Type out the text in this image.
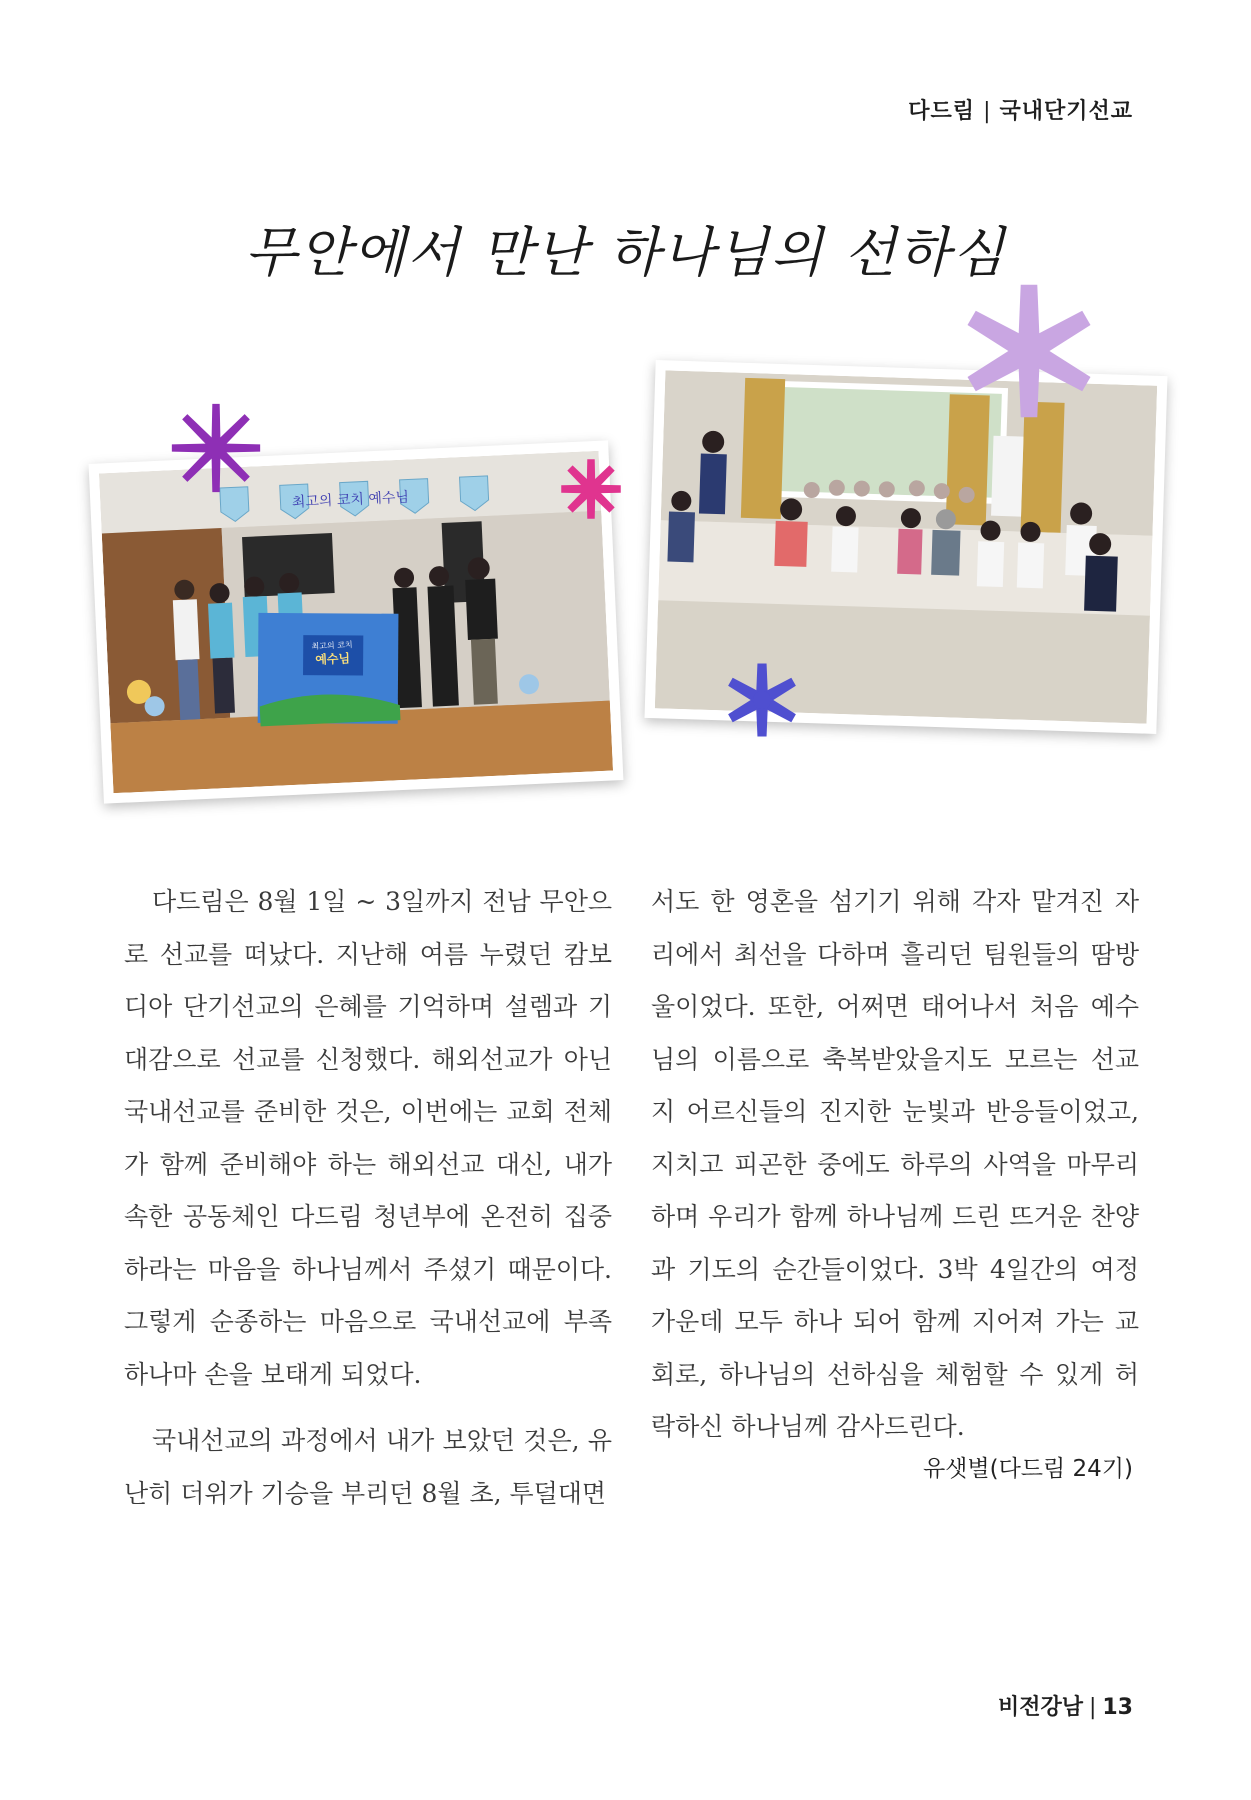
다드림 | 국내단기선교
무안에서 만난 하나님의 선하심
최고의 코치 예수님
최고의 코치
예수님

다드림은 8월 1일 ~ 3일까지 전남 무안으로 선교를 떠났다. 지난해 여름 누렸던 캄보디아 단기선교의 은혜를 기억하며 설렘과 기대감으로 선교를 신청했다. 해외선교가 아닌 국내선교를 준비한 것은, 이번에는 교회 전체가 함께 준비해야 하는 해외선교 대신, 내가 속한 공동체인 다드림 청년부에 온전히 집중하라는 마음을 하나님께서 주셨기 때문이다. 그렇게 순종하는 마음으로 국내선교에 부족하나마 손을 보태게 되었다.

국내선교의 과정에서 내가 보았던 것은, 유난히 더위가 기승을 부리던 8월 초, 투덜대면

서도 한 영혼을 섬기기 위해 각자 맡겨진 자리에서 최선을 다하며 흘리던 팀원들의 땀방울이었다. 또한, 어쩌면 태어나서 처음 예수님의 이름으로 축복받았을지도 모르는 선교지 어르신들의 진지한 눈빛과 반응들이었고, 지치고 피곤한 중에도 하루의 사역을 마무리하며 우리가 함께 하나님께 드린 뜨거운 찬양과 기도의 순간들이었다. 3박 4일간의 여정 가운데 모두 하나 되어 함께 지어져 가는 교회로, 하나님의 선하심을 체험할 수 있게 허락하신 하나님께 감사드린다.

유샛별(다드림 24기)
비전강남 | 13
